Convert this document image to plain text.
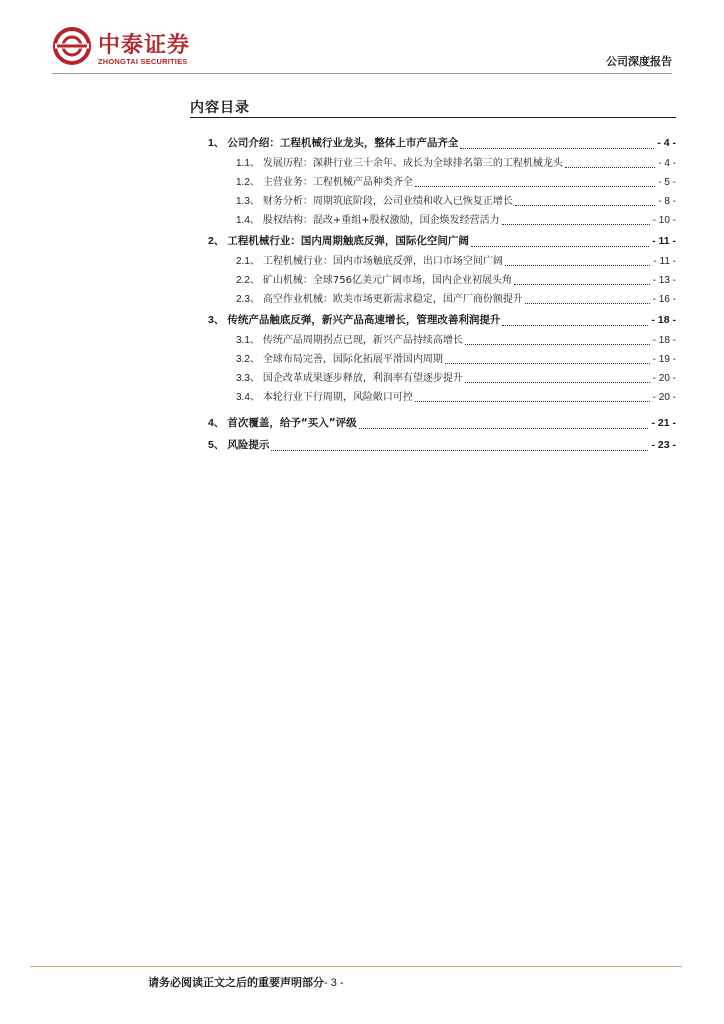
中泰证券
ZHONGTAI SECURITIES	公司深度报告
内容目录
1、 公司介绍：工程机械行业龙头，整体上市产品齐全	- 4 -
1.1、 发展历程：深耕行业三十余年、成长为全球排名第三的工程机械龙头	- 4 -
1.2、 主营业务：工程机械产品种类齐全	- 5 -
1.3、 财务分析：周期筑底阶段，公司业绩和收入已恢复正增长	- 8 -
1.4、 股权结构：混改+重组+股权激励，国企焕发经营活力	- 10 -
2、 工程机械行业：国内周期触底反弹，国际化空间广阔	- 11 -
2.1、 工程机械行业：国内市场触底反弹，出口市场空间广阔	- 11 -
2.2、 矿山机械：全球756亿美元广阔市场，国内企业初展头角	- 13 -
2.3、 高空作业机械：欧美市场更新需求稳定，国产厂商份额提升	- 16 -
3、 传统产品触底反弹，新兴产品高速增长，管理改善利润提升	- 18 -
3.1、 传统产品周期拐点已现，新兴产品持续高增长	- 18 -
3.2、 全球布局完善，国际化拓展平滑国内周期	- 19 -
3.3、 国企改革成果逐步释放，利润率有望逐步提升	- 20 -
3.4、 本轮行业下行周期，风险敞口可控	- 20 -
4、 首次覆盖，给予“买入”评级	- 21 -
5、 风险提示	- 23 -
请务必阅读正文之后的重要声明部分- 3 -
